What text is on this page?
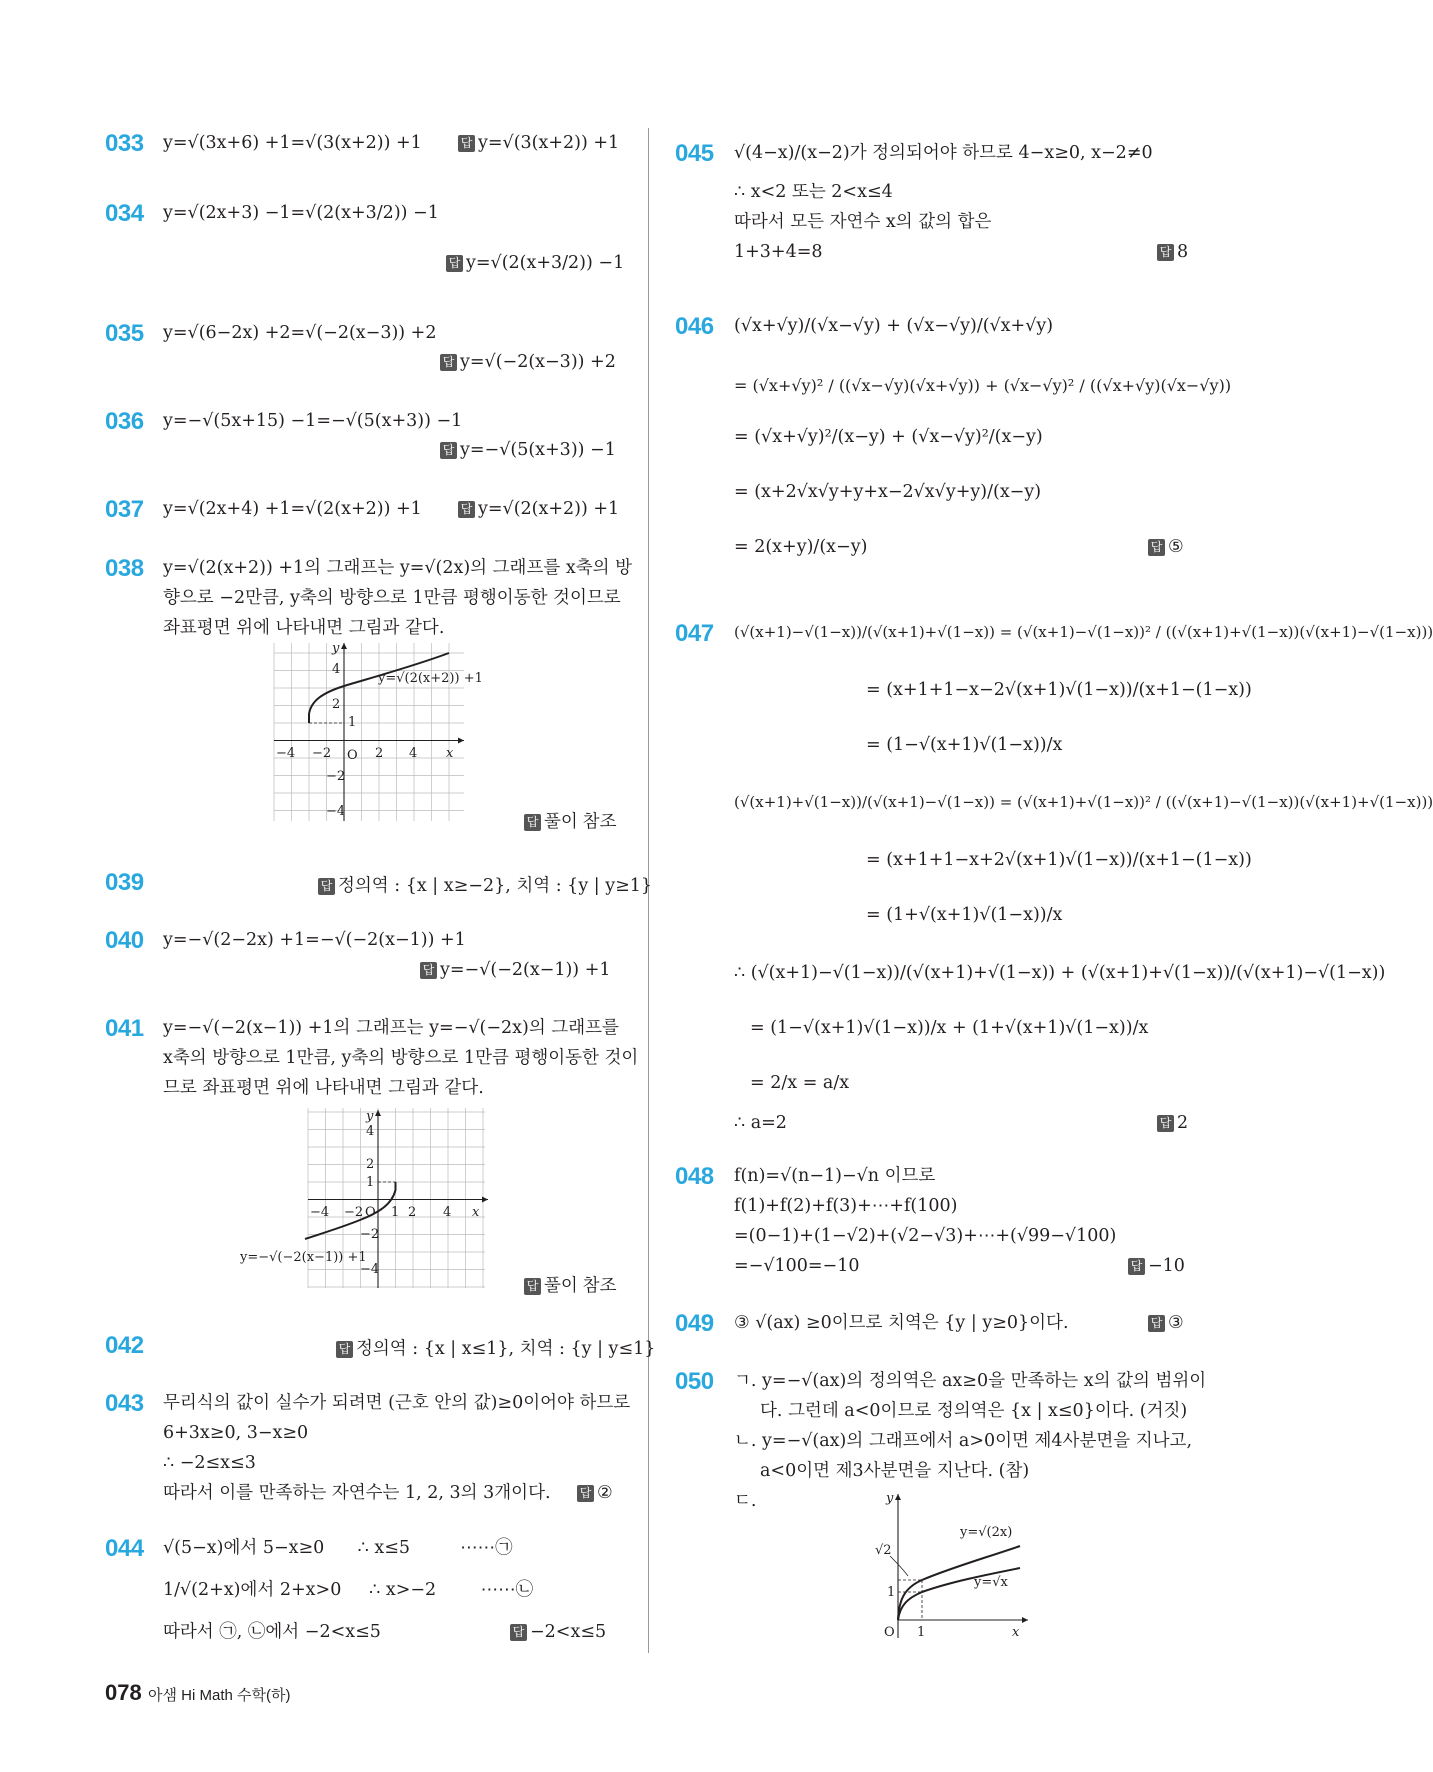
033 y=√(3x+6) +1=√(3(x+2)) +1	답 y=√(3(x+2)) +1
034 y=√(2x+3) −1=√(2(x+3/2)) −1
답 y=√(2(x+3/2)) −1
035 y=√(6−2x) +2=√(−2(x−3)) +2
답 y=√(−2(x−3)) +2
036 y=−√(5x+15) −1=−√(5(x+3)) −1
답 y=−√(5(x+3)) −1
037 y=√(2x+4) +1=√(2(x+2)) +1	답 y=√(2(x+2)) +1
038 y=√(2(x+2)) +1의 그래프는 y=√(2x)의 그래프를 x축의 방
향으로 −2만큼, y축의 방향으로 1만큼 평행이동한 것이므로
좌표평면 위에 나타내면 그림과 같다.
y=√(2(x+2)) +1
−4 −2	2 4 x
y
4
2
1
−2
−4
O
답 풀이 참조
039	답 정의역 : {x | x≥−2}, 치역 : {y | y≥1}
040 y=−√(2−2x) +1=−√(−2(x−1)) +1
답 y=−√(−2(x−1)) +1
041 y=−√(−2(x−1)) +1의 그래프는 y=−√(−2x)의 그래프를
x축의 방향으로 1만큼, y축의 방향으로 1만큼 평행이동한 것이
므로 좌표평면 위에 나타내면 그림과 같다.
y=−√(−2(x−1)) +1
−4 −2 1 2 4 x
y
4
2
1
−2
−4
O
답 풀이 참조
042	답 정의역 : {x | x≤1}, 치역 : {y | y≤1}
043 무리식의 값이 실수가 되려면 (근호 안의 값)≥0이어야 하므로
6+3x≥0, 3−x≥0
∴ −2≤x≤3
따라서 이를 만족하는 자연수는 1, 2, 3의 3개이다. 답 ②
044 √(5−x)에서 5−x≥0      ∴ x≤5         ⋯⋯㉠
1/√(2+x)에서 2+x>0     ∴ x>−2        ⋯⋯㉡
따라서 ㉠, ㉡에서 −2<x≤5	답 −2<x≤5
045 √(4−x)/(x−2)가 정의되어야 하므로 4−x≥0, x−2≠0
∴ x<2 또는 2<x≤4
따라서 모든 자연수 x의 값의 합은
1+3+4=8	답 8
046 (√x+√y)/(√x−√y) + (√x−√y)/(√x+√y)
= (√x+√y)² / ((√x−√y)(√x+√y)) + (√x−√y)² / ((√x+√y)(√x−√y))
= (√x+√y)²/(x−y) + (√x−√y)²/(x−y)
= (x+2√x√y+y+x−2√x√y+y)/(x−y)
= 2(x+y)/(x−y)	답 ⑤
047 (√(x+1)−√(1−x))/(√(x+1)+√(1−x)) = (√(x+1)−√(1−x))² / ((√(x+1)+√(1−x))(√(x+1)−√(1−x)))
= (x+1+1−x−2√(x+1)√(1−x))/(x+1−(1−x))
= (1−√(x+1)√(1−x))/x
(√(x+1)+√(1−x))/(√(x+1)−√(1−x)) = (√(x+1)+√(1−x))² / ((√(x+1)−√(1−x))(√(x+1)+√(1−x)))
= (x+1+1−x+2√(x+1)√(1−x))/(x+1−(1−x))
= (1+√(x+1)√(1−x))/x
∴ (√(x+1)−√(1−x))/(√(x+1)+√(1−x)) + (√(x+1)+√(1−x))/(√(x+1)−√(1−x))
= (1−√(x+1)√(1−x))/x + (1+√(x+1)√(1−x))/x
= 2/x = a/x
∴ a=2	답 2
048 f(n)=√(n−1)−√n 이므로
f(1)+f(2)+f(3)+⋯+f(100)
=(0−1)+(1−√2)+(√2−√3)+⋯+(√99−√100)
=−√100=−10	답 −10
049 ③ √(ax) ≥0이므로 치역은 {y | y≥0}이다.	답 ③
050 ㄱ. y=−√(ax)의 정의역은 ax≥0을 만족하는 x의 값의 범위이
다. 그런데 a<0이므로 정의역은 {x | x≤0}이다. (거짓)
ㄴ. y=−√(ax)의 그래프에서 a>0이면 제4사분면을 지나고,
a<0이면 제3사분면을 지난다. (참)
ㄷ.	y
x
y=√(2x)
y=√x
√2
1
1
O
078 아샘 Hi Math 수학(하)
